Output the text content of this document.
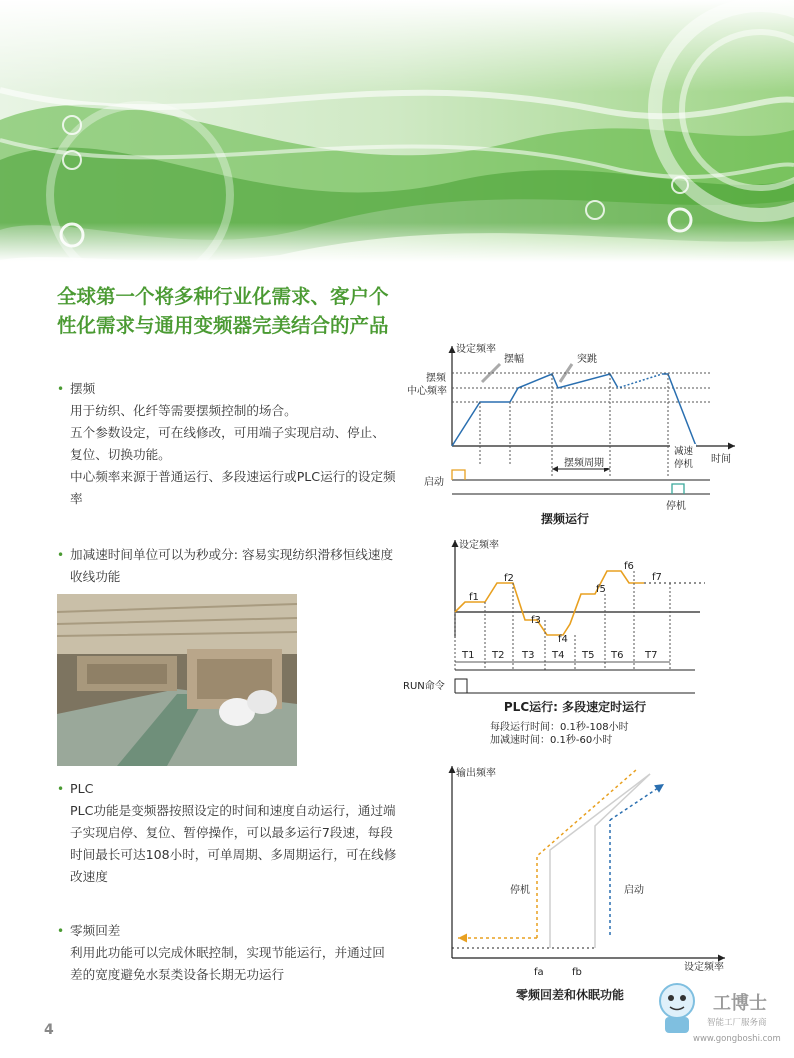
全球第一个将多种行业化需求、客户个性化需求与通用变频器完美结合的产品
• 摆频

用于纺织、化纤等需要摆频控制的场合。

五个参数设定，可在线修改，可用端子实现启动、停止、复位、切换功能。

中心频率来源于普通运行、多段速运行或PLC运行的设定频率

• 加减速时间单位可以为秒或分: 容易实现纺织滑移恒线速度收线功能
• PLC

PLC功能是变频器按照设定的时间和速度自动运行，通过端子实现启停、复位、暂停操作，可以最多运行7段速，每段时间最长可达108小时，可单周期、多周期运行，可在线修改速度

• 零频回差

利用此功能可以完成休眠控制，实现节能运行，并通过回差的宽度避免水泵类设备长期无功运行

4
设定频率
时间
摆频
中心频率
摆幅	突跳
摆频周期
减速
停机
启动
停机
摆频运行
设定频率
f1
f2
f3
f4
f5
f6
f7
T1 T2 T3 T4 T5 T6 T7
RUN命令
PLC运行: 多段速定时运行
每段运行时间：0.1秒-108小时
加减速时间：0.1秒-60小时
输出频率
设定频率
停机	启动
fa	fb
零频回差和休眠功能	工博士
智能工厂服务商
www.gongboshi.com
